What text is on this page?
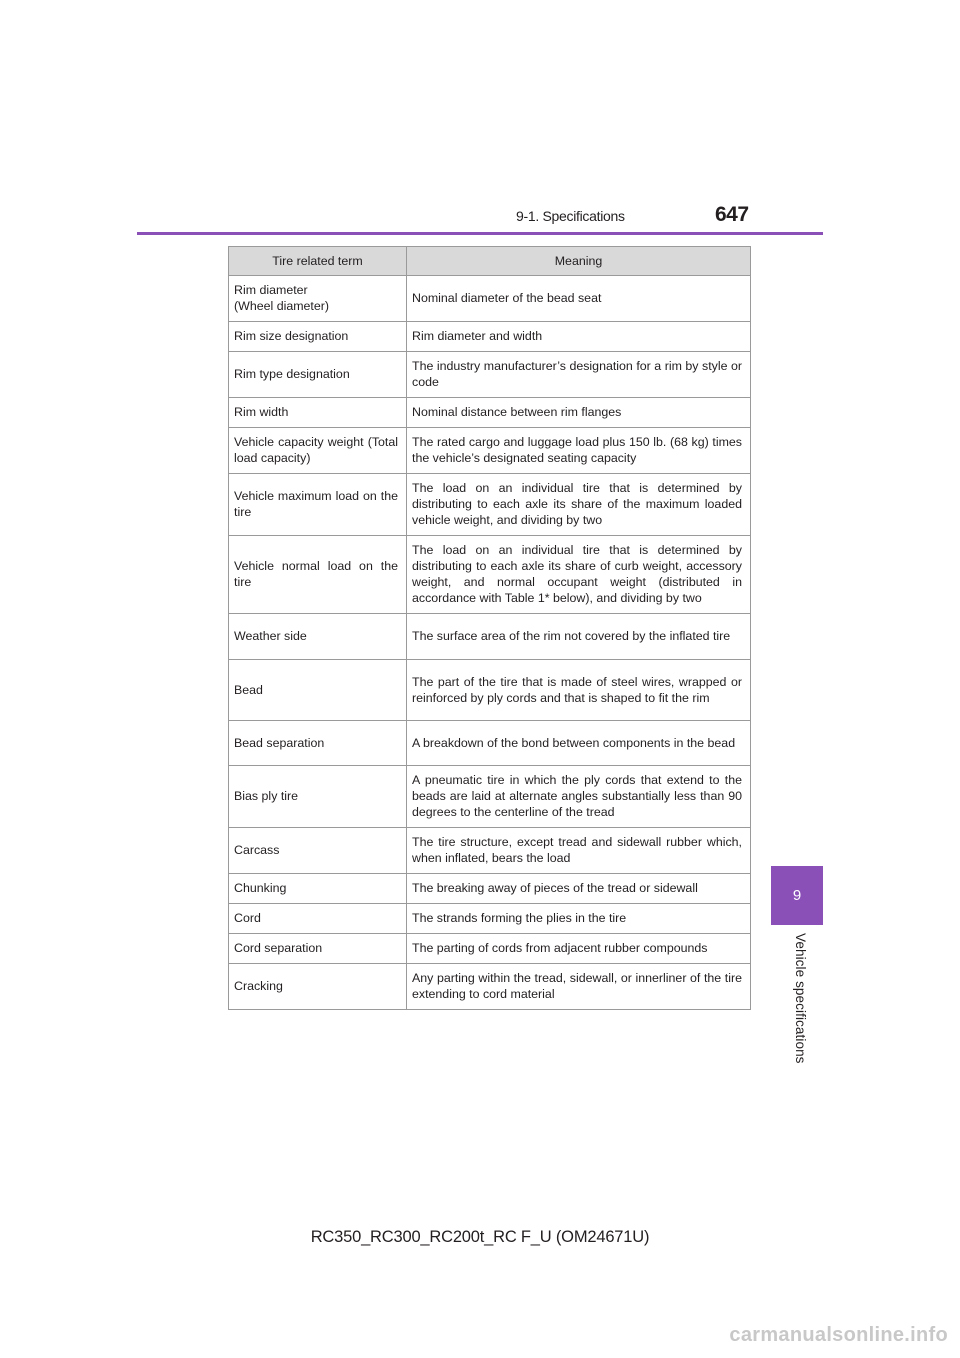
9-1. Specifications	647
9
Vehicle specifications
Tire related term	Meaning
Rim diameter
(Wheel diameter)	Nominal diameter of the bead seat
Rim size designation	Rim diameter and width
Rim type designation	The industry manufacturer’s designation for a rim by style or code
Rim width	Nominal distance between rim flanges
Vehicle capacity weight (Total load capacity)	The rated cargo and luggage load plus 150 lb. (68 kg) times the vehicle’s designated seating capacity
Vehicle maximum load on the tire	The load on an individual tire that is determined by distributing to each axle its share of the maximum loaded vehicle weight, and dividing by two
Vehicle normal load on the tire	The load on an individual tire that is determined by distributing to each axle its share of curb weight, accessory weight, and normal occupant weight (distributed in accordance with Table 1* below), and dividing by two
Weather side	The surface area of the rim not covered by the inflated tire
Bead	The part of the tire that is made of steel wires, wrapped or reinforced by ply cords and that is shaped to fit the rim
Bead separation	A breakdown of the bond between components in the bead
Bias ply tire	A pneumatic tire in which the ply cords that extend to the beads are laid at alternate angles substantially less than 90 degrees to the centerline of the tread
Carcass	The tire structure, except tread and sidewall rubber which, when inflated, bears the load
Chunking	The breaking away of pieces of the tread or sidewall
Cord	The strands forming the plies in the tire
Cord separation	The parting of cords from adjacent rubber compounds
Cracking	Any parting within the tread, sidewall, or innerliner of the tire extending to cord material
RC350_RC300_RC200t_RC F_U (OM24671U)
carmanualsonline.info
